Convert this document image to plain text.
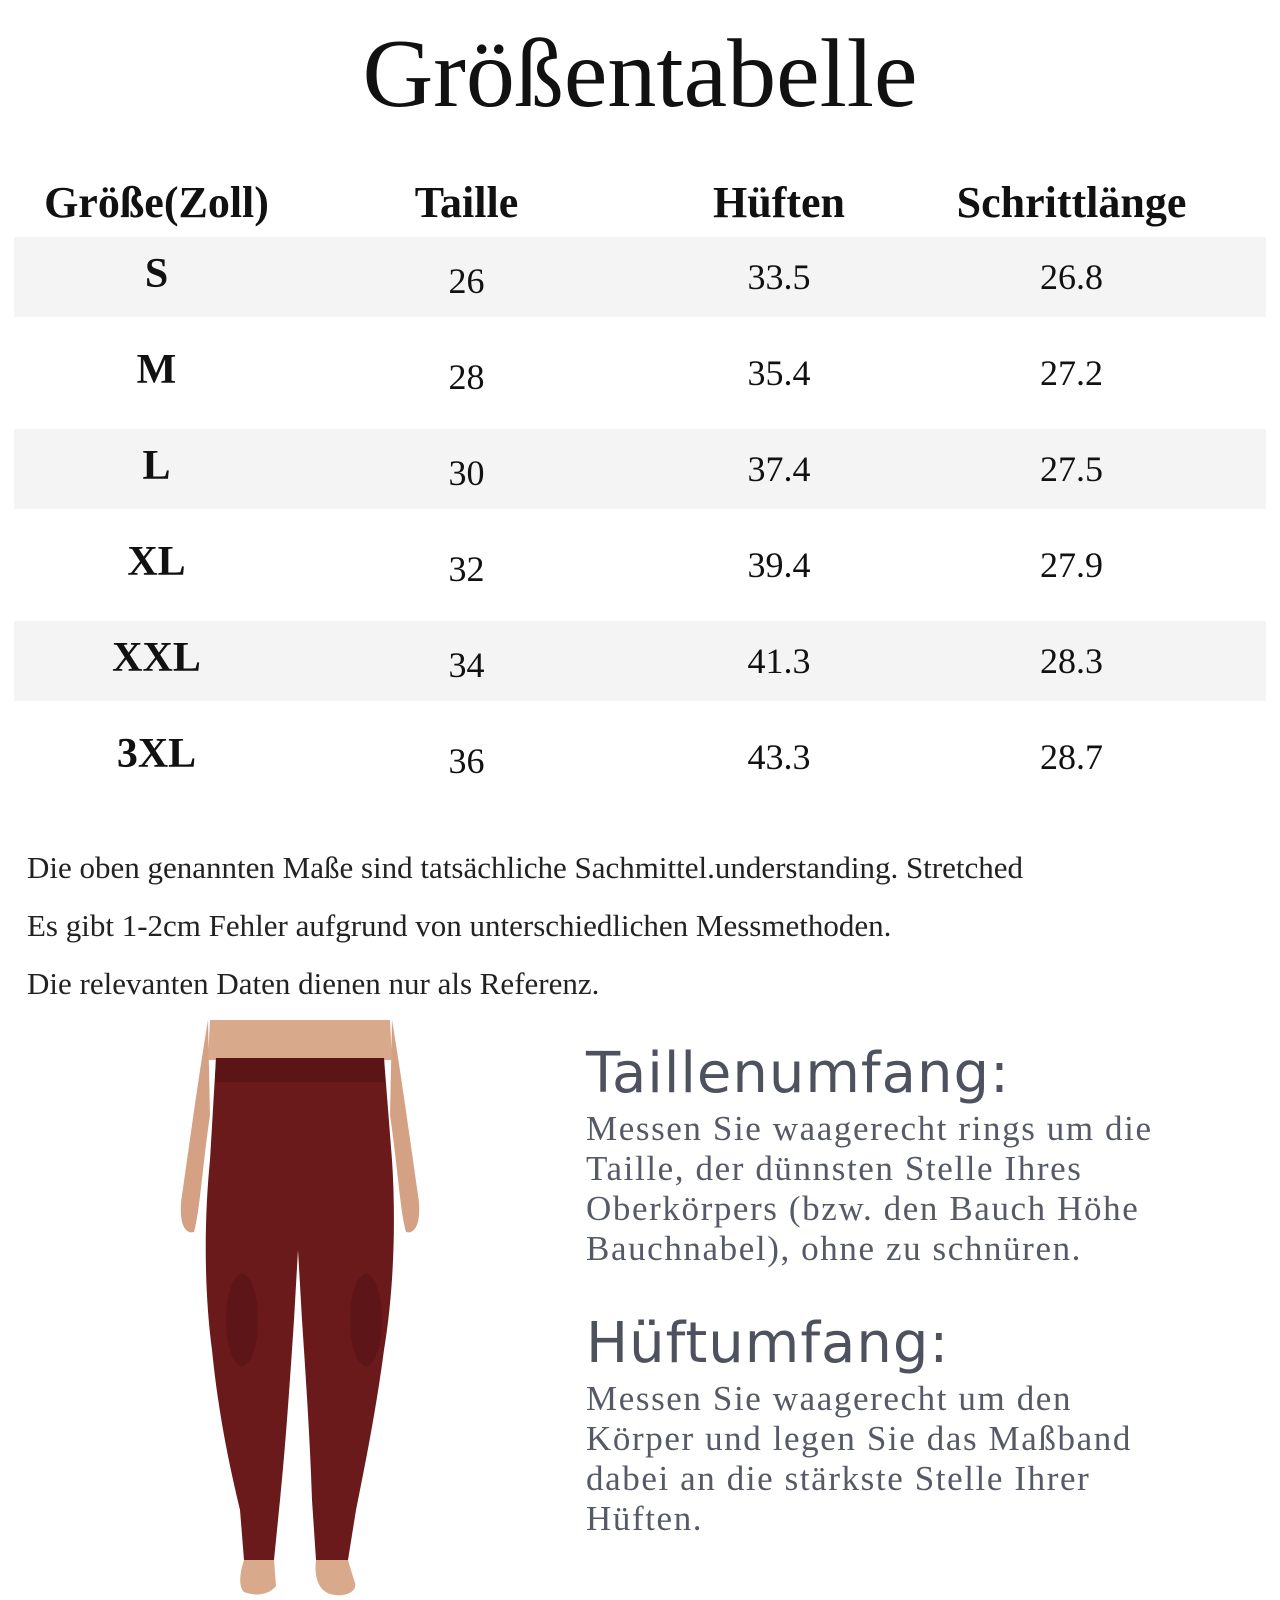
Größentabelle
Größe(Zoll)	Taille	Hüften	Schrittlänge
S	26	33.5	26.8
M	28	35.4	27.2
L	30	37.4	27.5
XL	32	39.4	27.9
XXL	34	41.3	28.3
3XL	36	43.3	28.7
Die oben genannten Maße sind tatsächliche Sachmittel.understanding. Stretched
Es gibt 1-2cm Fehler aufgrund von unterschiedlichen Messmethoden.
Die relevanten Daten dienen nur als Referenz.
Taillenumfang:

Messen Sie waagerecht rings um die
Taille, der dünnsten Stelle Ihres
Oberkörpers (bzw. den Bauch Höhe
Bauchnabel), ohne zu schnüren.

Hüftumfang:

Messen Sie waagerecht um den
Körper und legen Sie das Maßband
dabei an die stärkste Stelle Ihrer
Hüften.
